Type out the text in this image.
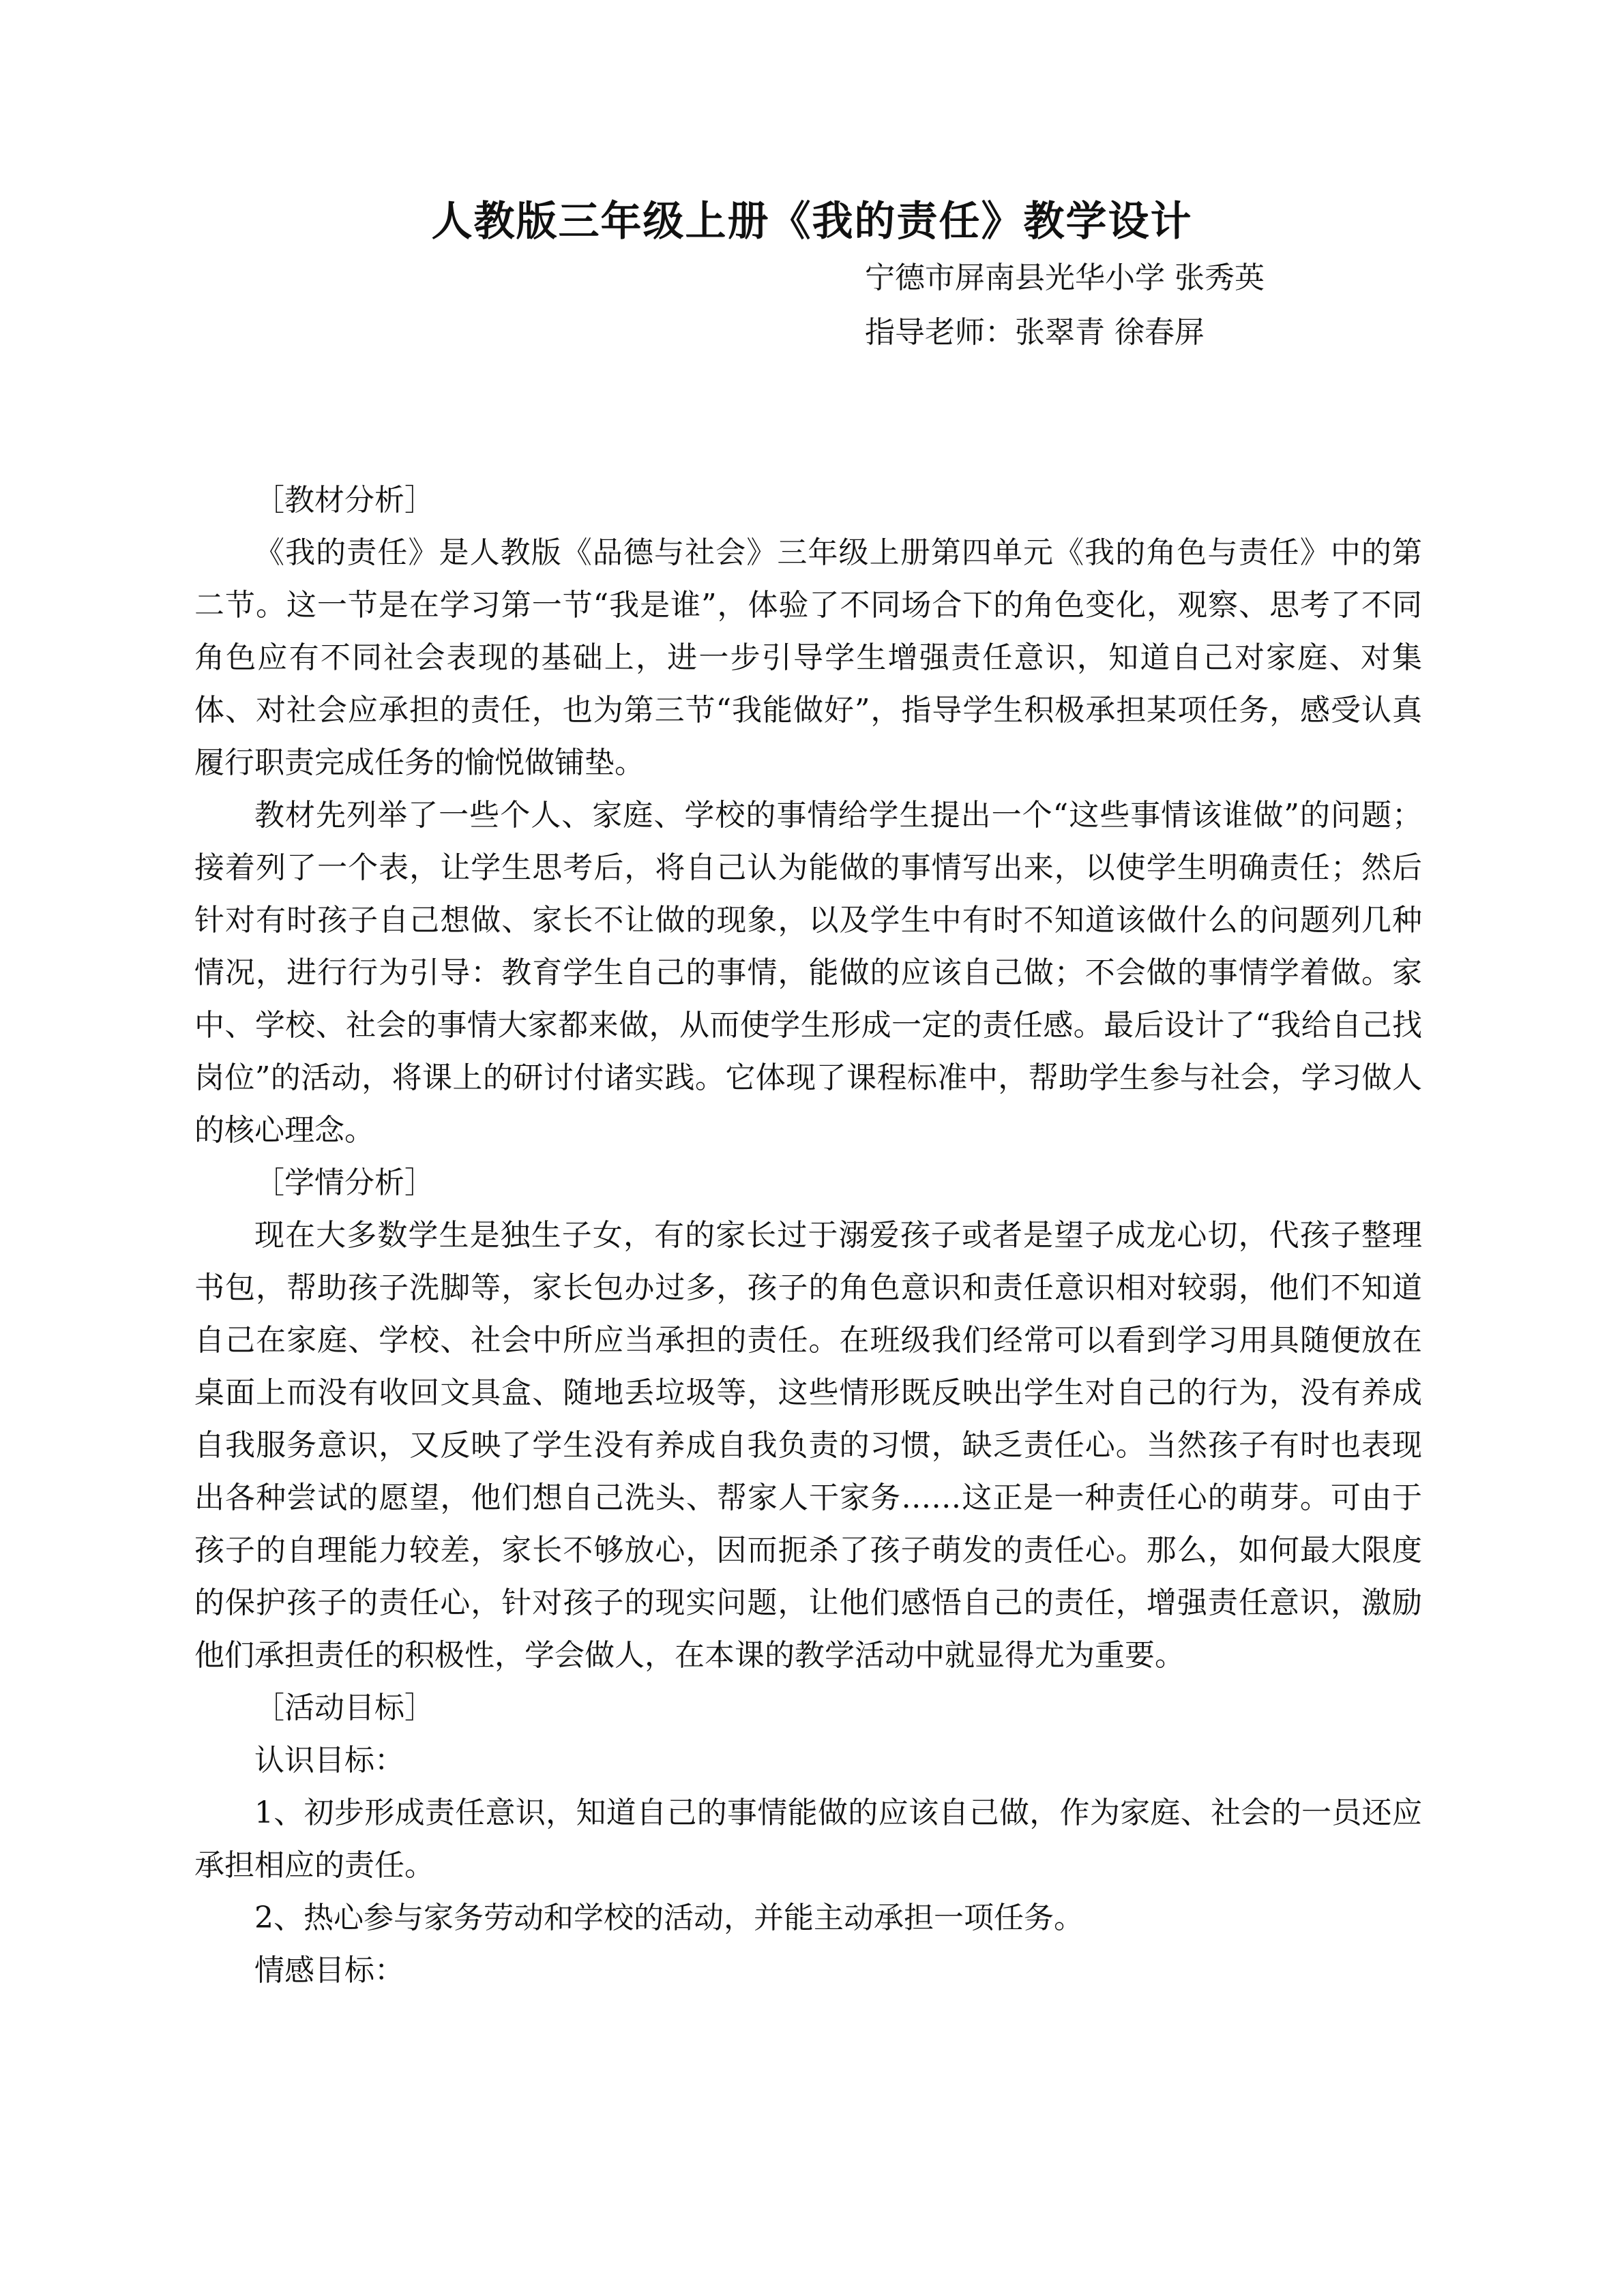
人教版三年级上册《我的责任》教学设计

宁德市屏南县光华小学 张秀英

指导老师：张翠青 徐春屏

［教材分析］

《我的责任》是人教版《品德与社会》三年级上册第四单元《我的角色与责任》中的第二节。这一节是在学习第一节“我是谁”，体验了不同场合下的角色变化，观察、思考了不同角色应有不同社会表现的基础上，进一步引导学生增强责任意识，知道自己对家庭、对集体、对社会应承担的责任，也为第三节“我能做好”，指导学生积极承担某项任务，感受认真履行职责完成任务的愉悦做铺垫。

教材先列举了一些个人、家庭、学校的事情给学生提出一个“这些事情该谁做”的问题；接着列了一个表，让学生思考后，将自己认为能做的事情写出来，以使学生明确责任；然后针对有时孩子自己想做、家长不让做的现象，以及学生中有时不知道该做什么的问题列几种情况，进行行为引导：教育学生自己的事情，能做的应该自己做；不会做的事情学着做。家中、学校、社会的事情大家都来做，从而使学生形成一定的责任感。最后设计了“我给自己找岗位”的活动，将课上的研讨付诸实践。它体现了课程标准中，帮助学生参与社会，学习做人的核心理念。

［学情分析］

现在大多数学生是独生子女，有的家长过于溺爱孩子或者是望子成龙心切，代孩子整理书包，帮助孩子洗脚等，家长包办过多，孩子的角色意识和责任意识相对较弱，他们不知道自己在家庭、学校、社会中所应当承担的责任。在班级我们经常可以看到学习用具随便放在桌面上而没有收回文具盒、随地丢垃圾等，这些情形既反映出学生对自己的行为，没有养成自我服务意识，又反映了学生没有养成自我负责的习惯，缺乏责任心。当然孩子有时也表现出各种尝试的愿望，他们想自己洗头、帮家人干家务……这正是一种责任心的萌芽。可由于孩子的自理能力较差，家长不够放心，因而扼杀了孩子萌发的责任心。那么，如何最大限度的保护孩子的责任心，针对孩子的现实问题，让他们感悟自己的责任，增强责任意识，激励他们承担责任的积极性，学会做人，在本课的教学活动中就显得尤为重要。

［活动目标］

认识目标：

1、初步形成责任意识，知道自己的事情能做的应该自己做，作为家庭、社会的一员还应承担相应的责任。

2、热心参与家务劳动和学校的活动，并能主动承担一项任务。

情感目标：
